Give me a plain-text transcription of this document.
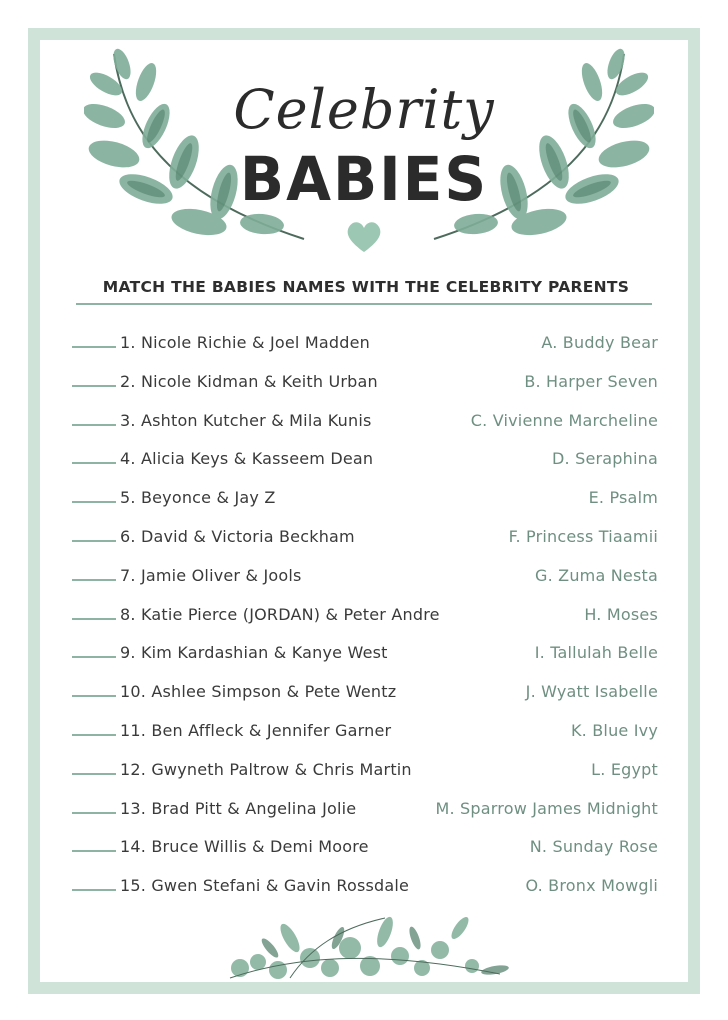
Celebrity
BABIES
MATCH THE BABIES NAMES WITH THE CELEBRITY PARENTS
1. Nicole Richie & Joel Madden	A. Buddy Bear
2. Nicole Kidman & Keith Urban	B. Harper Seven
3. Ashton Kutcher & Mila Kunis	C. Vivienne Marcheline
4. Alicia Keys & Kasseem Dean	D. Seraphina
5. Beyonce & Jay Z	E. Psalm
6. David & Victoria Beckham	F. Princess Tiaamii
7. Jamie Oliver & Jools	G. Zuma Nesta
8. Katie Pierce (JORDAN) & Peter Andre	H. Moses
9. Kim Kardashian & Kanye West	I. Tallulah Belle
10. Ashlee Simpson & Pete Wentz	J. Wyatt Isabelle
11. Ben Affleck & Jennifer Garner	K. Blue Ivy
12. Gwyneth Paltrow & Chris Martin	L. Egypt
13. Brad Pitt & Angelina Jolie	M. Sparrow James Midnight
14. Bruce Willis & Demi Moore	N. Sunday Rose
15. Gwen Stefani & Gavin Rossdale	O. Bronx Mowgli
